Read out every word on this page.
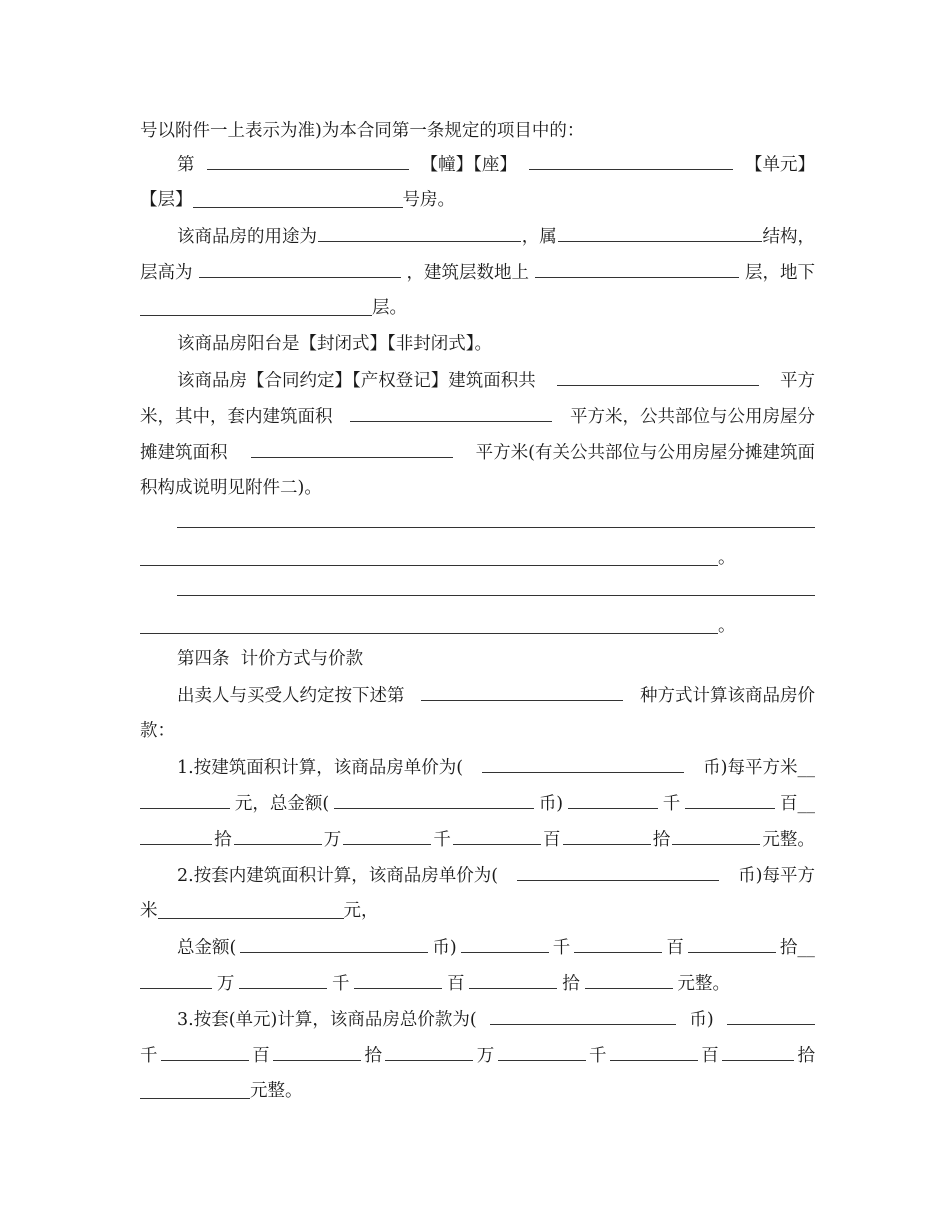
号以附件一上表示为准)为本合同第一条规定的项目中的：
第	【幢】【座】	【单元】
【层】	号房。
该商品房的用途为	，属	结构，
层高为	，建筑层数地上	层，地下
层。
该商品房阳台是【封闭式】【非封闭式】。
该商品房【合同约定】【产权登记】建筑面积共	平方
米，其中，套内建筑面积	平方米，公共部位与公用房屋分
摊建筑面积	平方米(有关公共部位与公用房屋分摊建筑面
积构成说明见附件二)。
。
。
第四条  计价方式与价款
出卖人与买受人约定按下述第	种方式计算该商品房价
款：
1.按建筑面积计算，该商品房单价为(	币)每平方米__
元，总金额(	币)	千	百__
拾	万	千	百	拾	元整。
2.按套内建筑面积计算，该商品房单价为(	币)每平方
米	元，
总金额(	币)	千	百	拾__
万	千	百	拾	元整。
3.按套(单元)计算，该商品房总价款为(	币)
千	百	拾	万	千	百	拾
元整。
